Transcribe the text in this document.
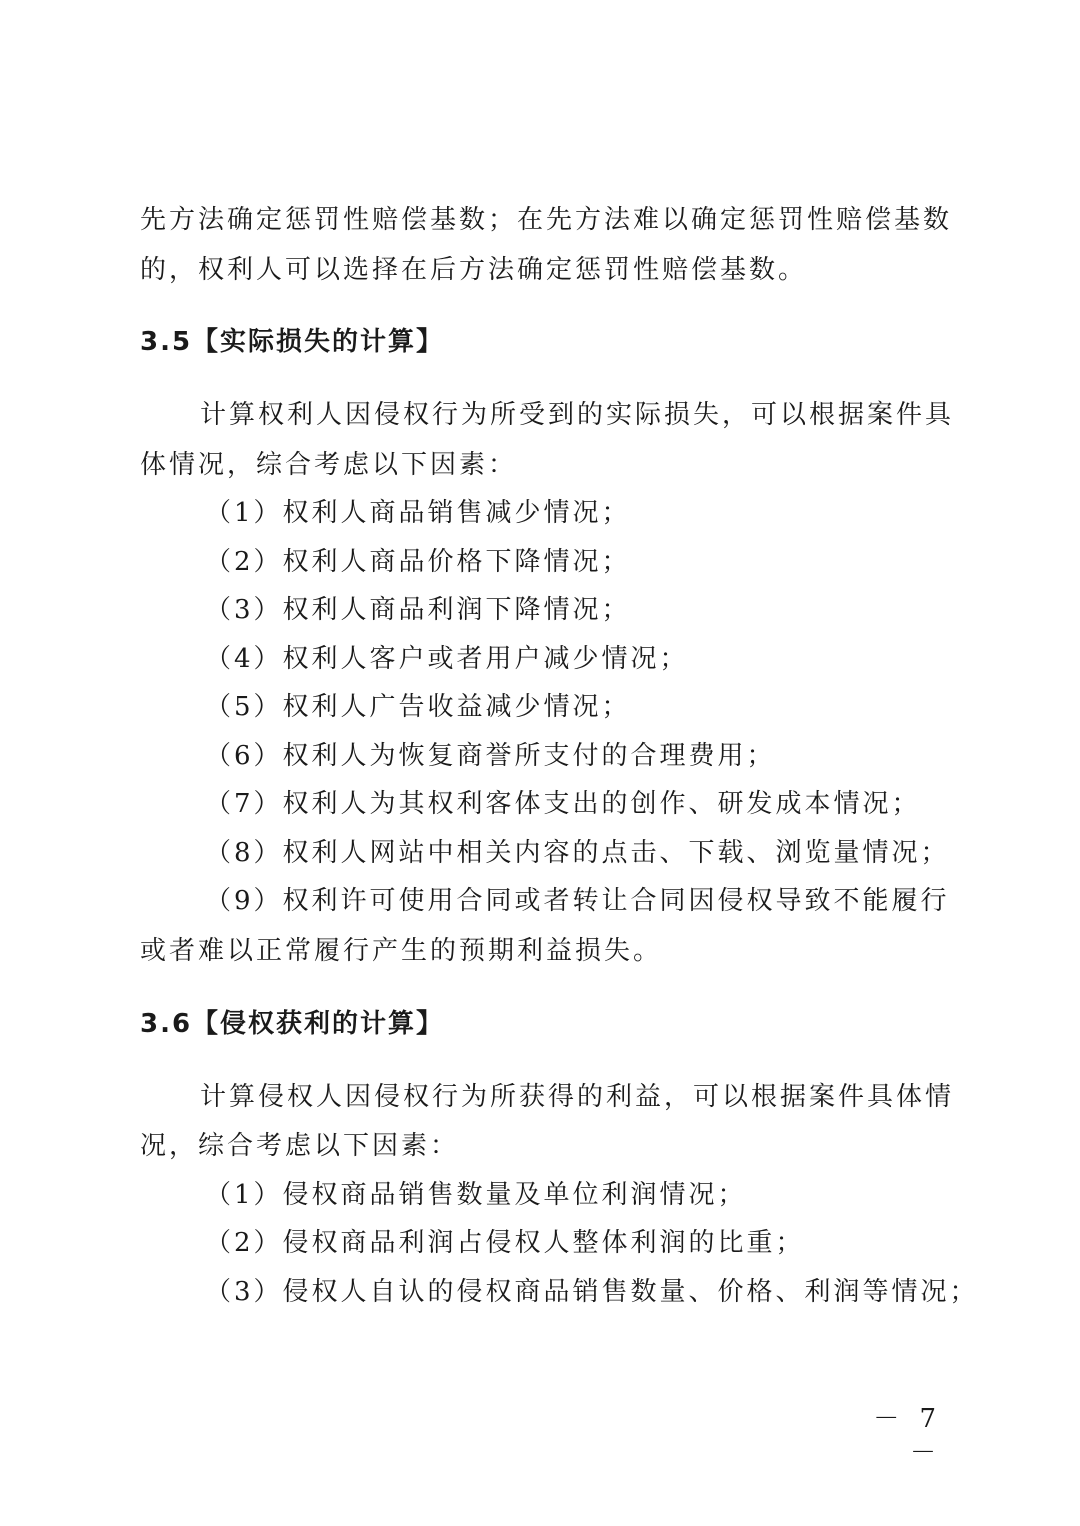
先方法确定惩罚性赔偿基数；在先方法难以确定惩罚性赔偿基数
的，权利人可以选择在后方法确定惩罚性赔偿基数。
3.5【实际损失的计算】
计算权利人因侵权行为所受到的实际损失，可以根据案件具
体情况，综合考虑以下因素：
（1）权利人商品销售减少情况；
（2）权利人商品价格下降情况；
（3）权利人商品利润下降情况；
（4）权利人客户或者用户减少情况；
（5）权利人广告收益减少情况；
（6）权利人为恢复商誉所支付的合理费用；
（7）权利人为其权利客体支出的创作、研发成本情况；
（8）权利人网站中相关内容的点击、下载、浏览量情况；
（9）权利许可使用合同或者转让合同因侵权导致不能履行
或者难以正常履行产生的预期利益损失。
3.6【侵权获利的计算】
计算侵权人因侵权行为所获得的利益，可以根据案件具体情
况，综合考虑以下因素：
（1）侵权商品销售数量及单位利润情况；
（2）侵权商品利润占侵权人整体利润的比重；
（3）侵权人自认的侵权商品销售数量、价格、利润等情况；
－ 7 －
